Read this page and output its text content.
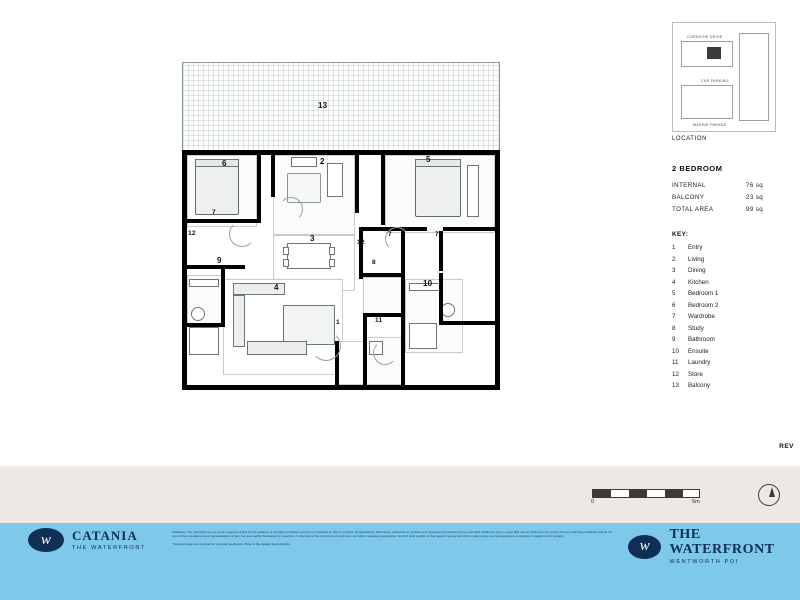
13
6	2	5
7
12
3	12
7	7
9	8
4	10
1	11
CORNICHE DRIVE
CAR PARKING
MARINE PARADE
LOCATION
2 BEDROOM
INTERNAL	76 sq
BALCONY	23 sq
TOTAL AREA	99 sq
KEY:
1	Entry
2	Living
3	Dining
4	Kitchen
5	Bedroom 1
6	Bedroom 2
7	Wardrobe
8	Study
9	Bathroom
10	Ensuite
11	Laundry
12	Store
13	Balcony
REV
0	5m
w	CATANIA
THE WATERFRONT	w
THE WATERFRONT
WENTWORTH POI
Disclaimer: The particulars are set out as a general outline for the guidance of intending purchasers and do not constitute an offer or contract. All descriptions, dimensions, references to condition and necessary permissions for use and other details are given in good faith and are believed to be correct, but any intending purchasers should not rely on them as statements or representations of fact, but must satisfy themselves by inspection or otherwise to the correctness of each item, and where necessary seek advice. No third party supplier or their agents has any authority to make or give any representations or warranty in relation to this property.
* External areas may be larger for courtyard apartments. Refer to the detailed area schedule.
